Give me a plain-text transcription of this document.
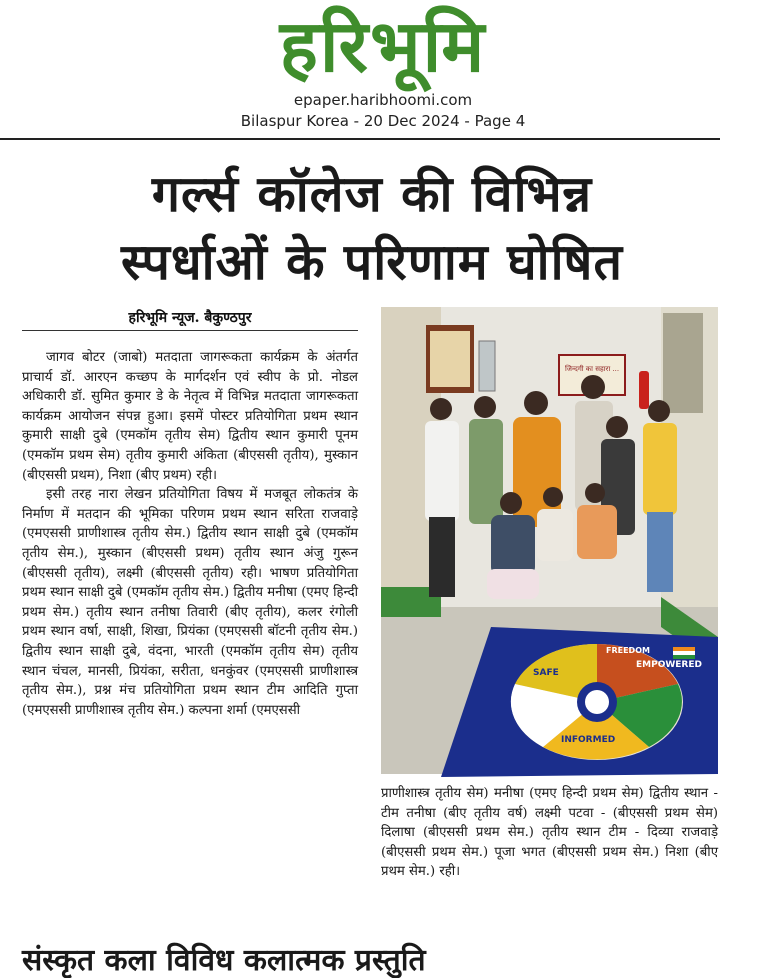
हरिभूमि
epaper.haribhoomi.com
Bilaspur Korea - 20 Dec 2024 - Page 4
गर्ल्स कॉलेज की विभिन्न
स्पर्धाओं के परिणाम घोषित
हरिभूमि न्यूज. बैकुण्ठपुर

जागव बोटर (जाबो) मतदाता जागरूकता कार्यक्रम के अंतर्गत प्राचार्य डॉ. आरएन कच्छप के मार्गदर्शन एवं स्वीप के प्रो. नोडल अधिकारी डॉ. सुमित कुमार डे के नेतृत्व में विभिन्न मतदाता जागरूकता कार्यक्रम आयोजन संपन्न हुआ। इसमें पोस्टर प्रतियोगिता प्रथम स्थान कुमारी साक्षी दुबे (एमकॉम तृतीय सेम) द्वितीय स्थान कुमारी पूनम (एमकॉम प्रथम सेम) तृतीय कुमारी अंकिता (बीएससी तृतीय), मुस्कान (बीएससी प्रथम), निशा (बीए प्रथम) रही।

इसी तरह नारा लेखन प्रतियोगिता विषय में मजबूत लोकतंत्र के निर्माण में मतदान की भूमिका परिणम प्रथम स्थान सरिता राजवाड़े (एमएससी प्राणीशास्त्र तृतीय सेम.) द्वितीय स्थान साक्षी दुबे (एमकॉम तृतीय सेम.), मुस्कान (बीएससी प्रथम) तृतीय स्थान अंजु गुरून (बीएससी तृतीय), लक्ष्मी (बीएससी तृतीय) रही। भाषण प्रतियोगिता प्रथम स्थान साक्षी दुबे (एमकॉम तृतीय सेम.) द्वितीय मनीषा (एमए हिन्दी प्रथम सेम.) तृतीय स्थान तनीषा तिवारी (बीए तृतीय), कलर रंगोली प्रथम स्थान वर्षा, साक्षी, शिखा, प्रियंका (एमएससी बॉटनी तृतीय सेम.) द्वितीय स्थान साक्षी दुबे, वंदना, भारती (एमकॉम तृतीय सेम) तृतीय स्थान चंचल, मानसी, प्रियंका, सरीता, धनकुंवर (एमएससी प्राणीशास्त्र तृतीय सेम.), प्रश्न मंच प्रतियोगिता प्रथम स्थान टीम आदिति गुप्ता (एमएससी प्राणीशास्त्र तृतीय सेम.) कल्पना शर्मा (एमएससी

जिन्दगी का सहारा ...
SAFE
INFORMED
EMPOWERED
FREEDOM

प्राणीशास्त्र तृतीय सेम) मनीषा (एमए हिन्दी प्रथम सेम) द्वितीय स्थान - टीम तनीषा (बीए तृतीय वर्ष) लक्ष्मी पटवा - (बीएससी प्रथम सेम) दिलाषा (बीएससी प्रथम सेम.) तृतीय स्थान टीम - दिव्या राजवाड़े (बीएससी प्रथम सेम.) पूजा भगत (बीएससी प्रथम सेम.) निशा (बीए प्रथम सेम.) रही।

संस्कृत कला विविध कलात्मक प्रस्तुति
